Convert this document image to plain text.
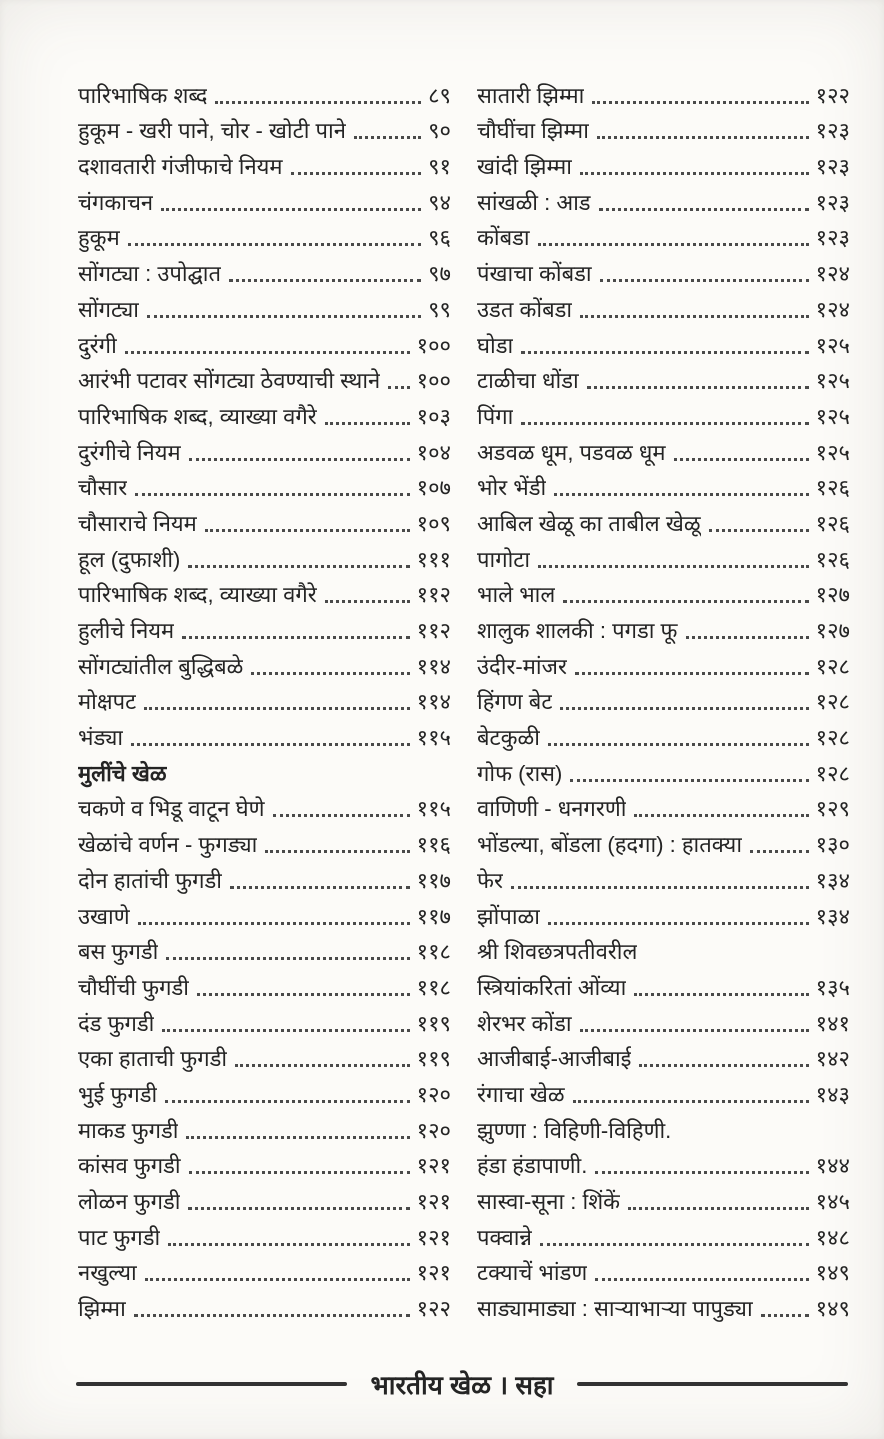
पारिभाषिक शब्द	८९
हुकूम - खरी पाने, चोर - खोटी पाने	९०
दशावतारी गंजीफाचे नियम	९१
चंगकाचन	९४
हुकूम	९६
सोंगट्या : उपोद्घात	९७
सोंगट्या	९९
दुरंगी	१००
आरंभी पटावर सोंगट्या ठेवण्याची स्थाने १००
पारिभाषिक शब्द, व्याख्या वगैरे	१०३
दुरंगीचे नियम	१०४
चौसार	१०७
चौसाराचे नियम	१०९
हूल (दुफाशी)	१११
पारिभाषिक शब्द, व्याख्या वगैरे	११२
हुलीचे नियम	११२
सोंगट्यांतील बुद्धिबळे	११४
मोक्षपट	११४
भंड्या	११५
मुलींचे खेळ
चकणे व भिडू वाटून घेणे	११५
खेळांचे वर्णन - फुगड्या	११६
दोन हातांची फुगडी	११७
उखाणे	११७
बस फुगडी	११८
चौघींची फुगडी	११८
दंड फुगडी	११९
एका हाताची फुगडी	११९
भुई फुगडी	१२०
माकड फुगडी	१२०
कांसव फुगडी	१२१
लोळन फुगडी	१२१
पाट फुगडी	१२१
नखुल्या	१२१
झिम्मा	१२२
सातारी झिम्मा	१२२
चौघींचा झिम्मा	१२३
खांदी झिम्मा	१२३
सांखळी : आड	१२३
कोंबडा	१२३
पंखाचा कोंबडा	१२४
उडत कोंबडा	१२४
घोडा	१२५
टाळीचा धोंडा	१२५
पिंगा	१२५
अडवळ धूम, पडवळ धूम	१२५
भोर भेंडी	१२६
आबिल खेळू का ताबील खेळू	१२६
पागोटा	१२६
भाले भाल	१२७
शालुक शालकी : पगडा फू	१२७
उंदीर-मांजर	१२८
हिंगण बेट	१२८
बेटकुळी	१२८
गोफ (रास)	१२८
वाणिणी - धनगरणी	१२९
भोंडल्या, बोंडला (हदगा) : हातक्या	१३०
फेर	१३४
झोंपाळा	१३४
श्री शिवछत्रपतीवरील
स्त्रियांकरितां ओंव्या	१३५
शेरभर कोंडा	१४१
आजीबाई-आजीबाई	१४२
रंगाचा खेळ	१४३
झुण्णा : विहिणी-विहिणी.
हंडा हंडापाणी.	१४४
सास्वा-सूना : शिंकें	१४५
पक्वान्ने	१४८
टक्याचें भांडण	१४९
साड्यामाड्या : साऱ्याभाऱ्या पापुड्या	१४९
भारतीय खेळ । सहा
